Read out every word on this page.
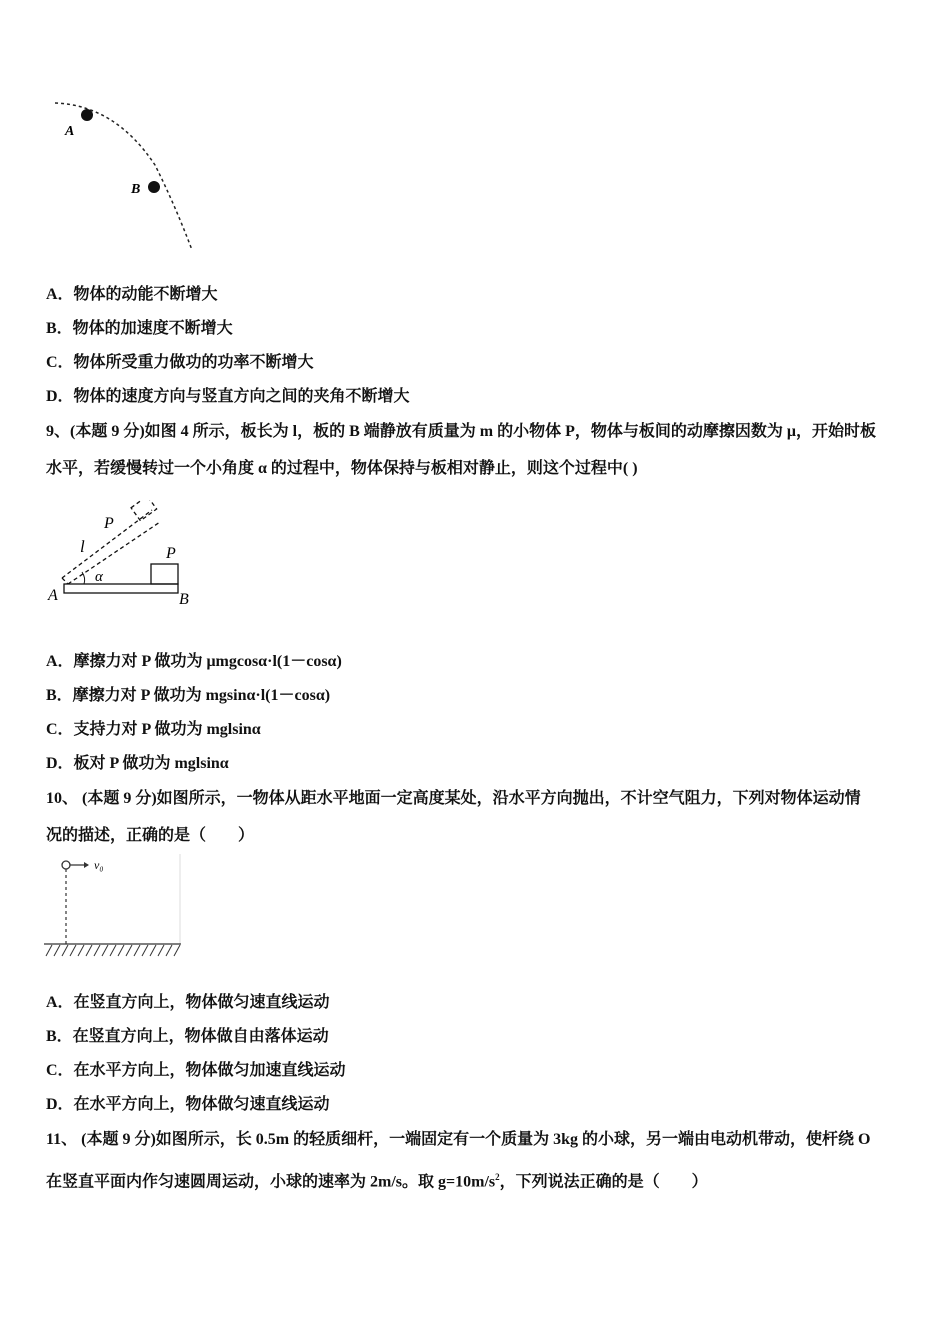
A
B
A．物体的动能不断增大
B．物体的加速度不断增大
C．物体所受重力做功的功率不断增大
D．物体的速度方向与竖直方向之间的夹角不断增大
9、(本题 9 分)如图 4 所示，板长为 l，板的 B 端静放有质量为 m 的小物体 P，物体与板间的动摩擦因数为 μ，开始时板
水平，若缓慢转过一个小角度 α 的过程中，物体保持与板相对静止，则这个过程中( )
P
l
α
P
A	B
A．摩擦力对 P 做功为 μmgcosα·l(1－cosα)
B．摩擦力对 P 做功为 mgsinα·l(1－cosα)
C．支持力对 P 做功为 mglsinα
D．板对 P 做功为 mglsinα
10、 (本题 9 分)如图所示，一物体从距水平地面一定高度某处，沿水平方向抛出，不计空气阻力，下列对物体运动情
况的描述，正确的是（　　）
v₀
A．在竖直方向上，物体做匀速直线运动
B．在竖直方向上，物体做自由落体运动
C．在水平方向上，物体做匀加速直线运动
D．在水平方向上，物体做匀速直线运动
11、 (本题 9 分)如图所示，长 0.5m 的轻质细杆，一端固定有一个质量为 3kg 的小球，另一端由电动机带动，使杆绕 O
在竖直平面内作匀速圆周运动，小球的速率为 2m/s。取 $g=10m/s^2$，下列说法正确的是（　　）
